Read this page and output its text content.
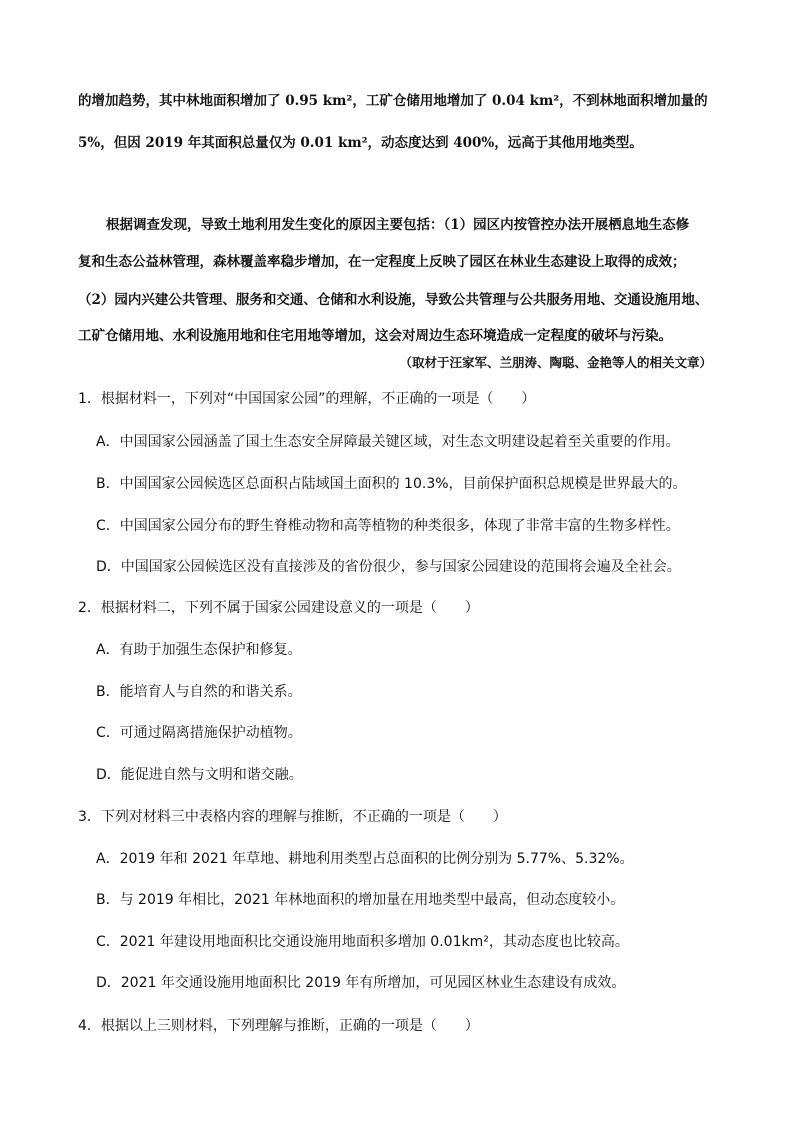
的增加趋势，其中林地面积增加了 0.95 km²，工矿仓储用地增加了 0.04 km²，不到林地面积增加量的
5%，但因 2019 年其面积总量仅为 0.01 km²，动态度达到 400%，远高于其他用地类型。
根据调查发现，导致土地利用发生变化的原因主要包括：（1）园区内按管控办法开展栖息地生态修
复和生态公益林管理，森林覆盖率稳步增加，在一定程度上反映了园区在林业生态建设上取得的成效；
（2）园内兴建公共管理、服务和交通、仓储和水利设施，导致公共管理与公共服务用地、交通设施用地、
工矿仓储用地、水利设施用地和住宅用地等增加，这会对周边生态环境造成一定程度的破坏与污染。
（取材于汪家军、兰朋涛、陶聪、金艳等人的相关文章）
1．根据材料一，下列对“中国国家公园”的理解，不正确的一项是（　　）
A．中国国家公园涵盖了国土生态安全屏障最关键区域，对生态文明建设起着至关重要的作用。
B．中国国家公园候选区总面积占陆域国土面积的 10.3%，目前保护面积总规模是世界最大的。
C．中国国家公园分布的野生脊椎动物和高等植物的种类很多，体现了非常丰富的生物多样性。
D．中国国家公园候选区没有直接涉及的省份很少，参与国家公园建设的范围将会遍及全社会。
2．根据材料二，下列不属于国家公园建设意义的一项是（　　）
A．有助于加强生态保护和修复。
B．能培育人与自然的和谐关系。
C．可通过隔离措施保护动植物。
D．能促进自然与文明和谐交融。
3．下列对材料三中表格内容的理解与推断，不正确的一项是（　　）
A．2019 年和 2021 年草地、耕地利用类型占总面积的比例分别为 5.77%、5.32%。
B．与 2019 年相比，2021 年林地面积的增加量在用地类型中最高，但动态度较小。
C．2021 年建设用地面积比交通设施用地面积多增加 0.01km²，其动态度也比较高。
D．2021 年交通设施用地面积比 2019 年有所增加，可见园区林业生态建设有成效。
4．根据以上三则材料，下列理解与推断，正确的一项是（　　）
